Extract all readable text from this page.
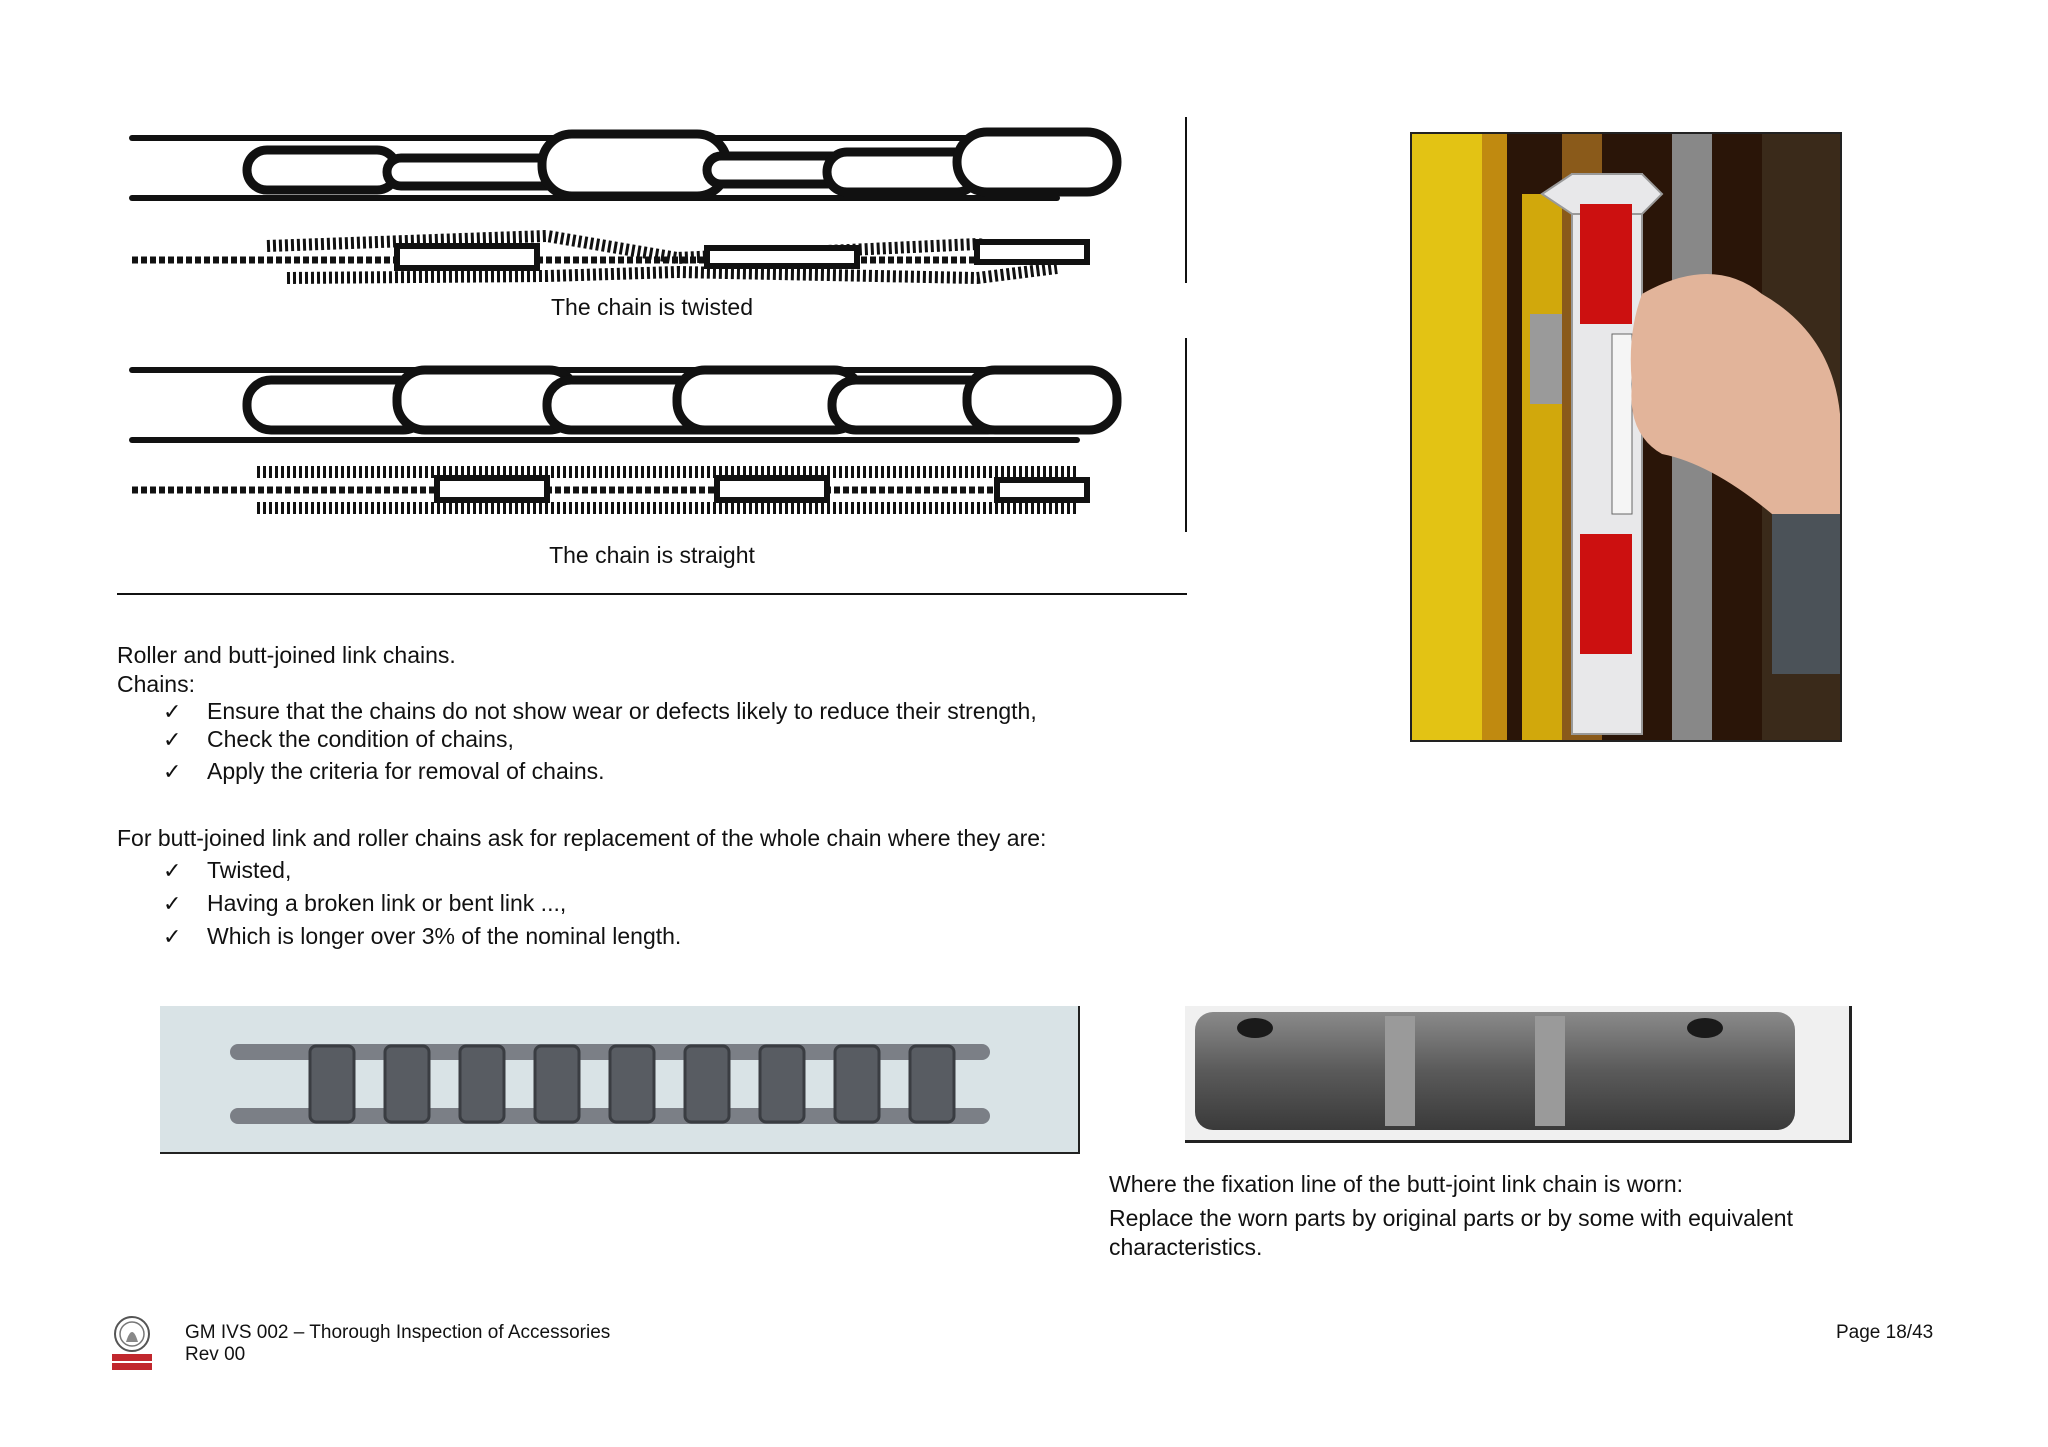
The chain is twisted
The chain is straight
Roller and butt-joined link chains.
Chains:
✓	Ensure that the chains do not show wear or defects likely to reduce their strength,
✓	Check the condition of chains,
✓	Apply the criteria for removal of chains.
For butt-joined link and roller chains ask for replacement of the whole chain where they are:
✓	Twisted,
✓	Having a broken link or bent link ...,
✓	Which is longer over 3% of the nominal length.
Where the fixation line of the butt-joint link chain is worn:
Replace the worn parts by original parts or by some with equivalent characteristics.
GM IVS 002 – Thorough Inspection of Accessories
Rev 00
Page 18/43
